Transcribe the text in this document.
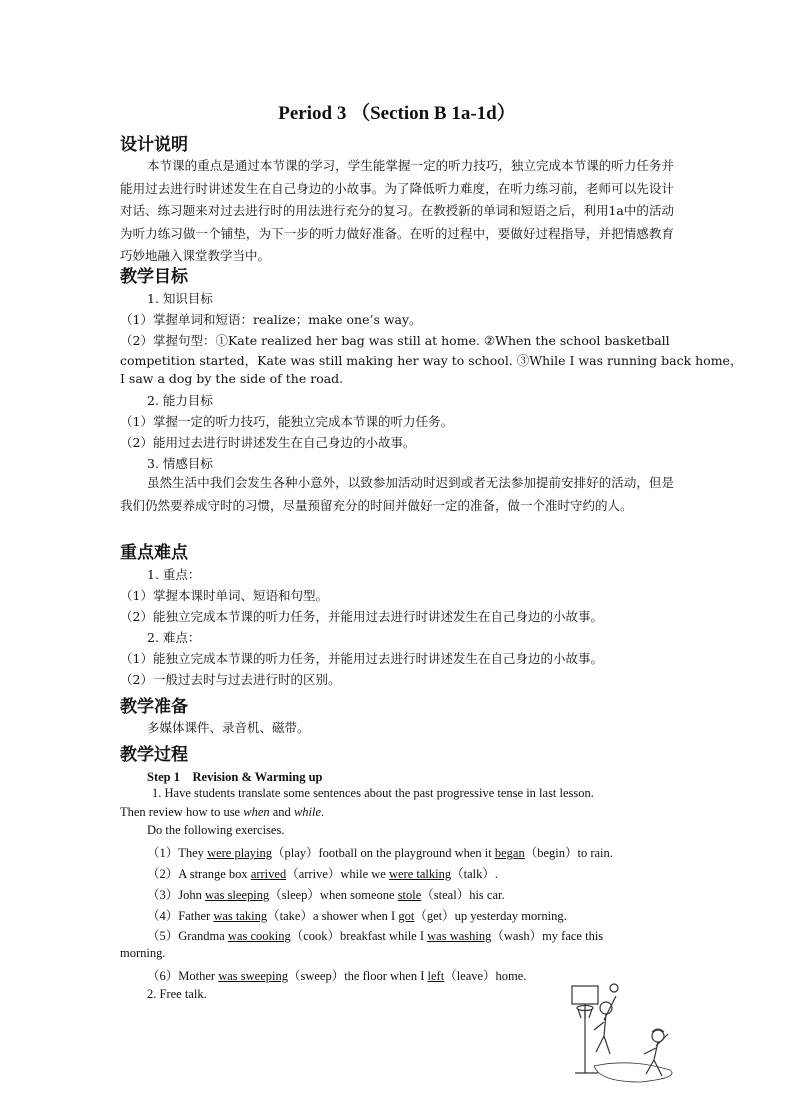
Period 3 （Section B 1a-1d）
设计说明

本节课的重点是通过本节课的学习，学生能掌握一定的听力技巧，独立完成本节课的听力任务并能用过去进行时讲述发生在自己身边的小故事。为了降低听力难度，在听力练习前，老师可以先设计对话、练习题来对过去进行时的用法进行充分的复习。在教授新的单词和短语之后，利用1a中的活动为听力练习做一个铺垫，为下一步的听力做好准备。在听的过程中，要做好过程指导，并把情感教育巧妙地融入课堂教学当中。

教学目标
1. 知识目标
（1）掌握单词和短语：realize；make one’s way。
（2）掌握句型：①Kate realized her bag was still at home. ②When the school basketball
competition started，Kate was still making her way to school. ③While I was running back home，
I saw a dog by the side of the road.
2. 能力目标
（1）掌握一定的听力技巧，能独立完成本节课的听力任务。
（2）能用过去进行时讲述发生在自己身边的小故事。
3. 情感目标

虽然生活中我们会发生各种小意外，以致参加活动时迟到或者无法参加提前安排好的活动，但是我们仍然要养成守时的习惯，尽量预留充分的时间并做好一定的准备，做一个准时守约的人。

重点难点
1. 重点：
（1）掌握本课时单词、短语和句型。
（2）能独立完成本节课的听力任务，并能用过去进行时讲述发生在自己身边的小故事。
2. 难点：
（1）能独立完成本节课的听力任务，并能用过去进行时讲述发生在自己身边的小故事。
（2）一般过去时与过去进行时的区别。
教学准备
多媒体课件、录音机、磁带。
教学过程
Step 1　Revision & Warming up
1. Have students translate some sentences about the past progressive tense in last lesson.
Then review how to use when and while.
Do the following exercises.
（1）They were playing（play）football on the playground when it began（begin）to rain.
（2）A strange box arrived（arrive）while we were talking（talk）.
（3）John was sleeping（sleep）when someone stole（steal）his car.
（4）Father was taking（take）a shower when I got（get）up yesterday morning.
（5）Grandma was cooking（cook）breakfast while I was washing（wash）my face this
morning.
（6）Mother was sweeping（sweep）the floor when I left（leave）home.
2. Free talk.
